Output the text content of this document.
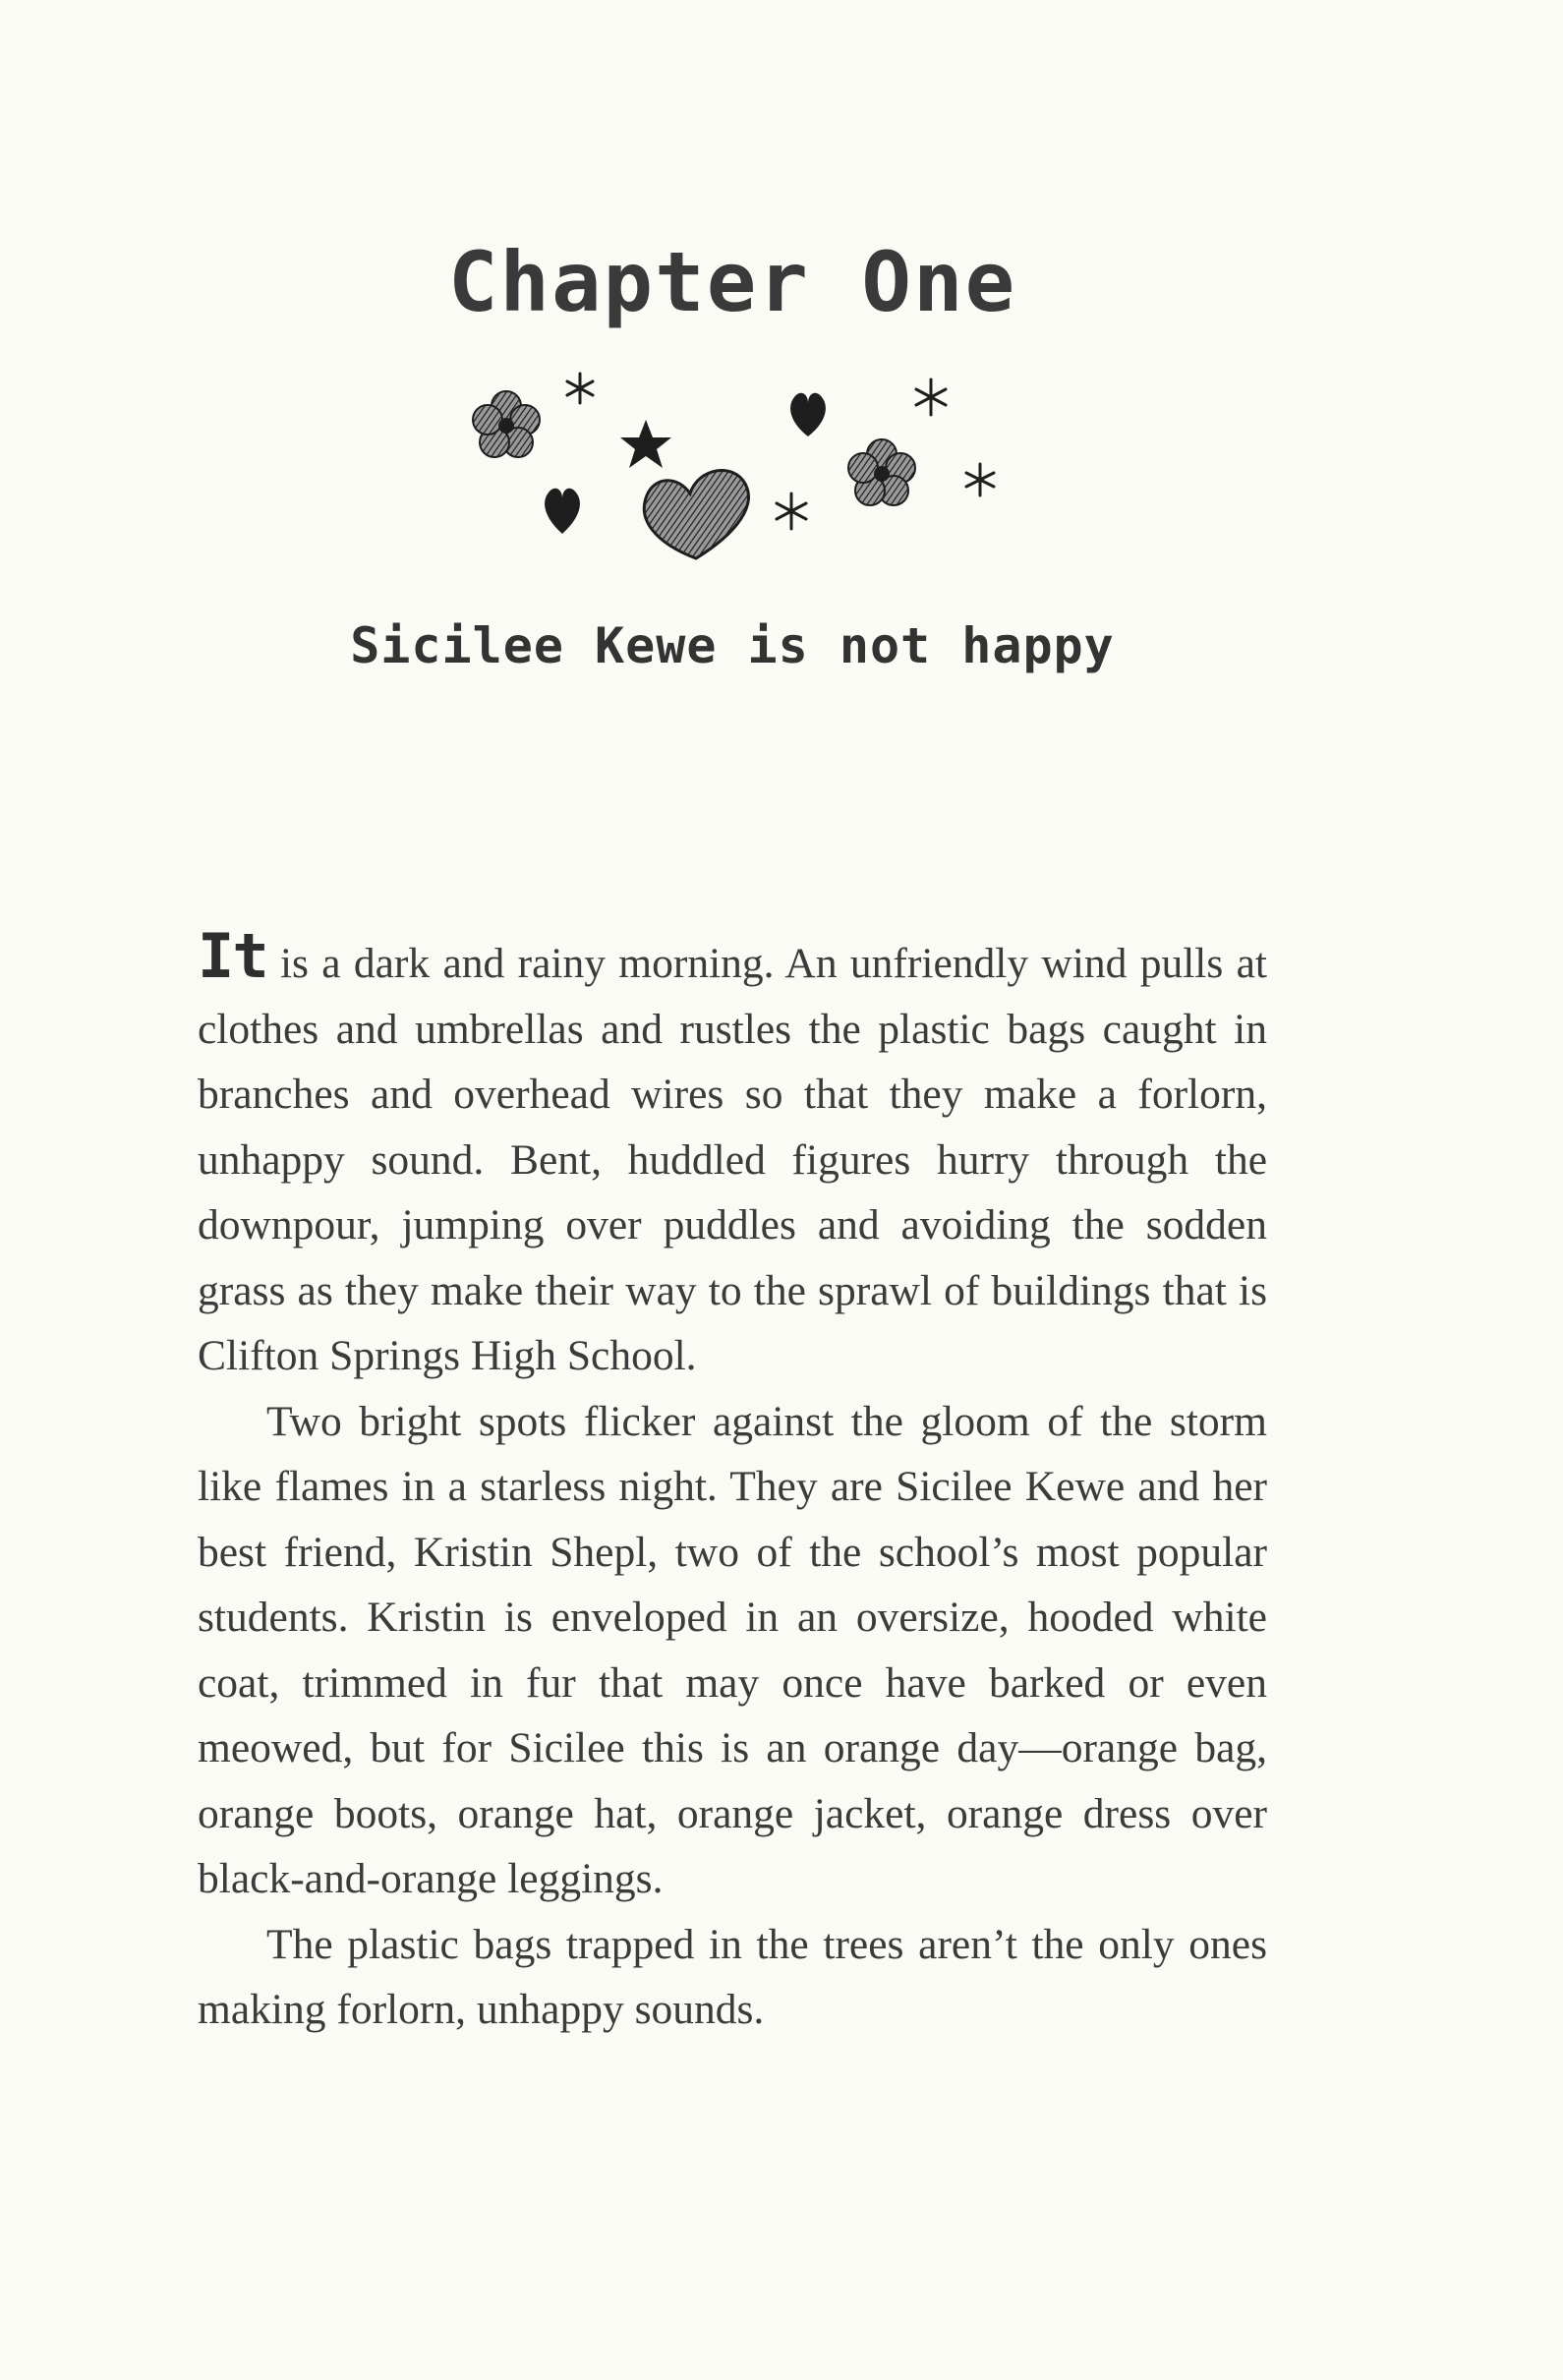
Chapter One
Sicilee Kewe is not happy

It is a dark and rainy morning. An unfriendly wind pulls at clothes and umbrellas and rustles the plastic bags caught in branches and overhead wires so that they make a forlorn, unhappy sound. Bent, huddled figures hurry through the downpour, jumping over puddles and avoiding the sodden grass as they make their way to the sprawl of buildings that is Clifton Springs High School.

Two bright spots flicker against the gloom of the storm like flames in a starless night. They are Sicilee Kewe and her best friend, Kristin Shepl, two of the school’s most popular students. Kristin is enveloped in an oversize, hooded white coat, trimmed in fur that may once have barked or even meowed, but for Sicilee this is an orange day—orange bag, orange boots, orange hat, orange jacket, orange dress over black-and-orange leggings.

The plastic bags trapped in the trees aren’t the only ones making forlorn, unhappy sounds.
